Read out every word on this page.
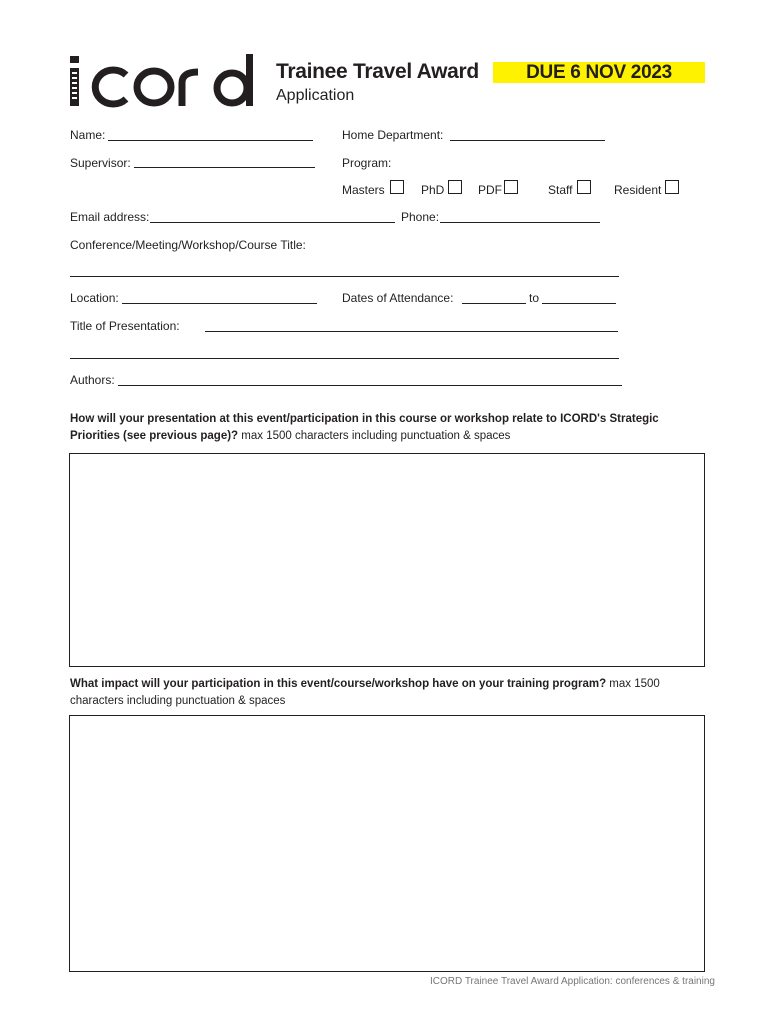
Trainee Travel Award
Application
DUE 6 NOV 2023
Name:	Home Department:
Supervisor:	Program:
Masters	PhD	PDF	Staff	Resident
Email address:	Phone:
Conference/Meeting/Workshop/Course Title:
Location:	Dates of Attendance:	to
Title of Presentation:
Authors:
How will your presentation at this event/participation in this course or workshop relate to ICORD's Strategic Priorities (see previous page)? max 1500 characters including punctuation & spaces
What impact will your participation in this event/course/workshop have on your training program? max 1500 characters including punctuation & spaces
ICORD Trainee Travel Award Application: conferences & training
